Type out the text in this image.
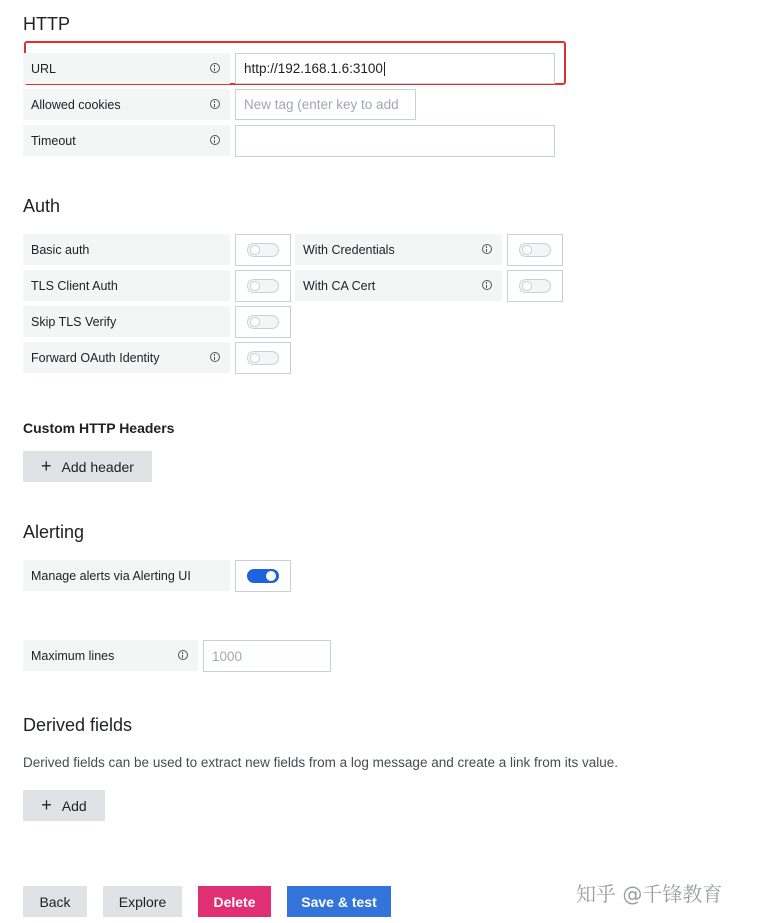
HTTP
URL	http://192.168.1.6:3100
Allowed cookies	New tag (enter key to add
Timeout
Auth
Basic auth	With Credentials
TLS Client Auth	With CA Cert
Skip TLS Verify
Forward OAuth Identity
Custom HTTP Headers
+ Add header
Alerting
Manage alerts via Alerting UI
Maximum lines	1000
Derived fields
Derived fields can be used to extract new fields from a log message and create a link from its value.
+ Add
Back	Explore	Delete	Save & test	知乎 @千锋教育
